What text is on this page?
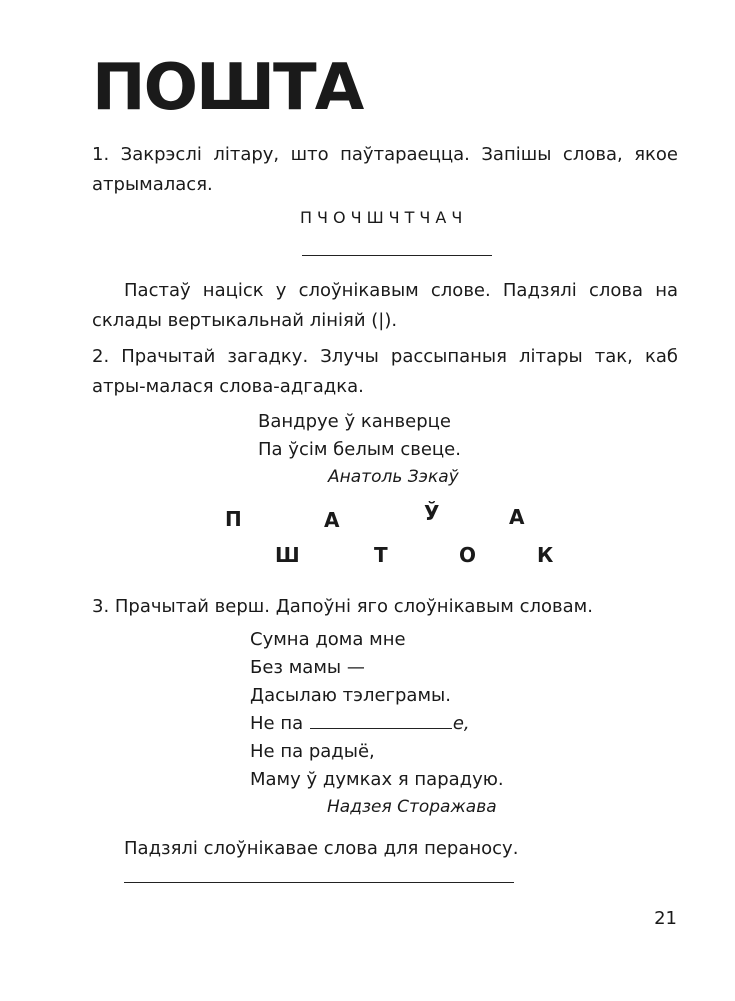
ПОШТА
1. Закрэслі літару, што паўтараецца. Запішы слова, якое атрымалася.
ПЧОЧШЧТЧАЧ
Пастаў націск у слоўнікавым слове. Падзялі слова на склады вертыкальнай лініяй (|).
2. Прачытай загадку. Злучы рассыпаныя літары так, каб атры-малася слова-адгадка.
Вандруе ў канверце
Па ўсім белым свеце.
Анатоль Зэкаў
П	А	Ў	А
Ш	Т	О	К
3. Прачытай верш. Дапоўні яго слоўнікавым словам.
Сумна дома мне
Без мамы —
Дасылаю тэлеграмы.
Не па	е,
Не па радыё,
Маму ў думках я парадую.
Надзея Сторажава
Падзялі слоўнікавае слова для пераносу.
21
